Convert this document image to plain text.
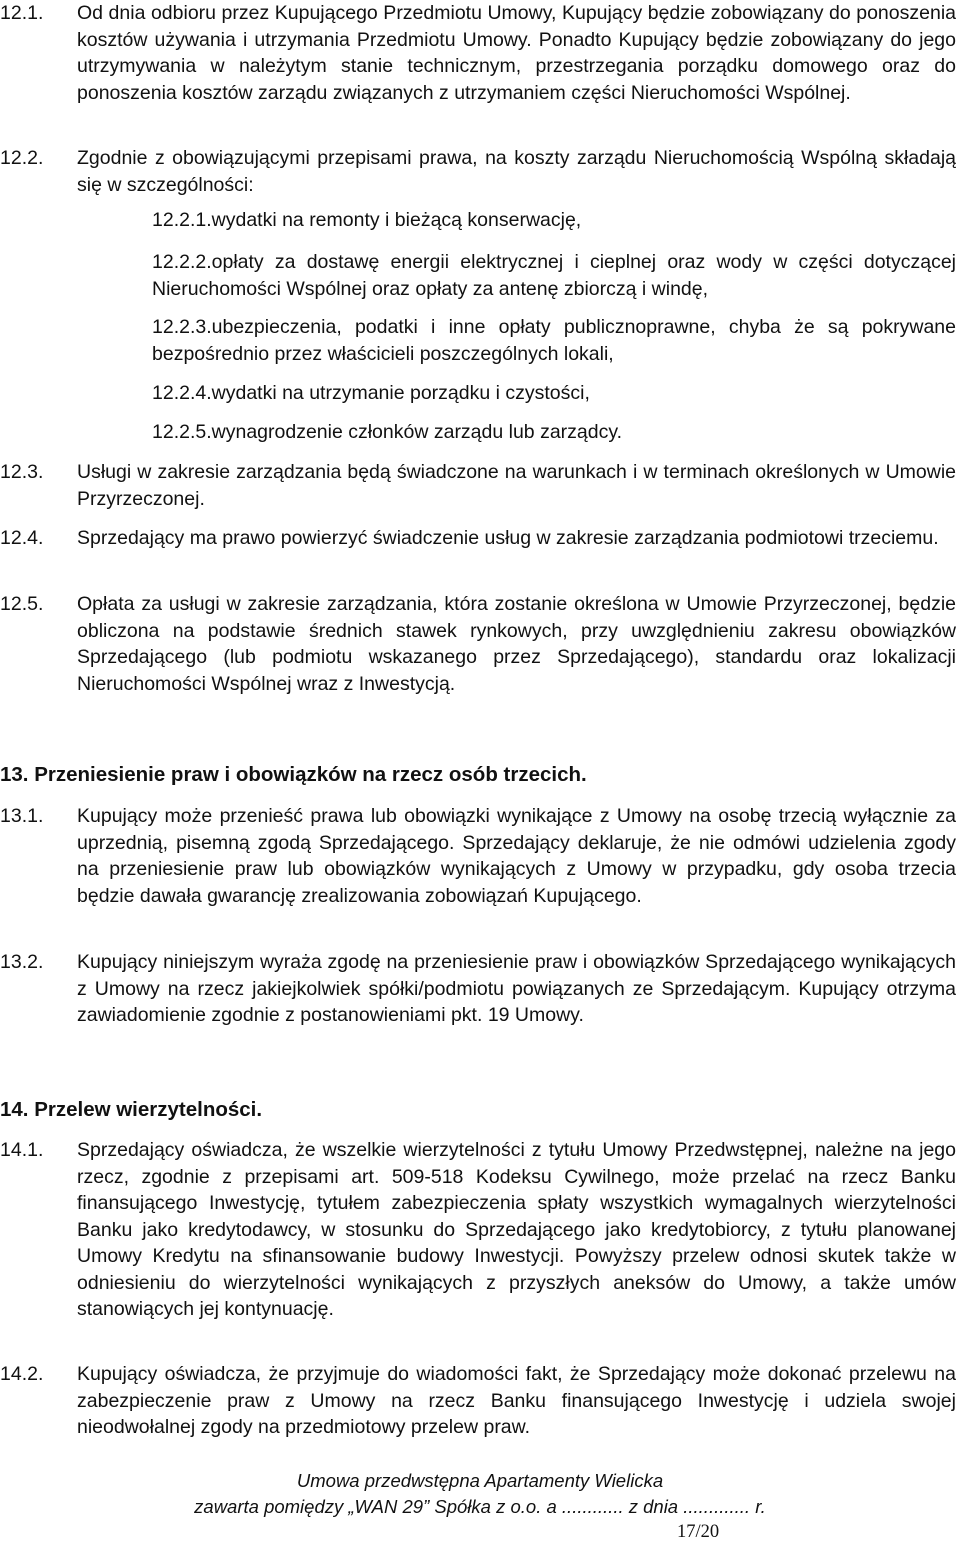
12.1.	Od dnia odbioru przez Kupującego Przedmiotu Umowy, Kupujący będzie zobowiązany do ponoszenia kosztów używania i utrzymania Przedmiotu Umowy. Ponadto Kupujący będzie zobowiązany do jego utrzymywania w należytym stanie technicznym, przestrzegania porządku domowego oraz do ponoszenia kosztów zarządu związanych z utrzymaniem części Nieruchomości Wspólnej.
12.2.	Zgodnie z obowiązującymi przepisami prawa, na koszty zarządu Nieruchomością Wspólną składają się w szczególności:
12.2.1.wydatki na remonty i bieżącą konserwację,
12.2.2.opłaty za dostawę energii elektrycznej i cieplnej oraz wody w części dotyczącej Nieruchomości Wspólnej oraz opłaty za antenę zbiorczą i windę,
12.2.3.ubezpieczenia, podatki i inne opłaty publicznoprawne, chyba że są pokrywane bezpośrednio przez właścicieli poszczególnych lokali,
12.2.4.wydatki na utrzymanie porządku i czystości,
12.2.5.wynagrodzenie członków zarządu lub zarządcy.
12.3.	Usługi w zakresie zarządzania będą świadczone na warunkach i w terminach określonych w Umowie Przyrzeczonej.
12.4.	Sprzedający ma prawo powierzyć świadczenie usług w zakresie zarządzania podmiotowi trzeciemu.
12.5.	Opłata za usługi w zakresie zarządzania, która zostanie określona w Umowie Przyrzeczonej, będzie obliczona na podstawie średnich stawek rynkowych, przy uwzględnieniu zakresu obowiązków Sprzedającego (lub podmiotu wskazanego przez Sprzedającego), standardu oraz lokalizacji Nieruchomości Wspólnej wraz z Inwestycją.
13. Przeniesienie praw i obowiązków na rzecz osób trzecich.
13.1.	Kupujący może przenieść prawa lub obowiązki wynikające z Umowy na osobę trzecią wyłącznie za uprzednią, pisemną zgodą Sprzedającego. Sprzedający deklaruje, że nie odmówi udzielenia zgody na przeniesienie praw lub obowiązków wynikających z Umowy w przypadku, gdy osoba trzecia będzie dawała gwarancję zrealizowania zobowiązań Kupującego.
13.2.	Kupujący niniejszym wyraża zgodę na przeniesienie praw i obowiązków Sprzedającego wynikających z Umowy na rzecz jakiejkolwiek spółki/podmiotu powiązanych ze Sprzedającym. Kupujący otrzyma zawiadomienie zgodnie z postanowieniami pkt. 19 Umowy.
14. Przelew wierzytelności.
14.1.	Sprzedający oświadcza, że wszelkie wierzytelności z tytułu Umowy Przedwstępnej, należne na jego rzecz, zgodnie z przepisami art. 509-518 Kodeksu Cywilnego, może przelać na rzecz Banku finansującego Inwestycję, tytułem zabezpieczenia spłaty wszystkich wymagalnych wierzytelności Banku jako kredytodawcy, w stosunku do Sprzedającego jako kredytobiorcy, z tytułu planowanej Umowy Kredytu na sfinansowanie budowy Inwestycji. Powyższy przelew odnosi skutek także w odniesieniu do wierzytelności wynikających z przyszłych aneksów do Umowy, a także umów stanowiących jej kontynuację.
14.2.	Kupujący oświadcza, że przyjmuje do wiadomości fakt, że Sprzedający może dokonać przelewu na zabezpieczenie praw z Umowy na rzecz Banku finansującego Inwestycję i udziela swojej nieodwołalnej zgody na przedmiotowy przelew praw.
Umowa przedwstępna Apartamenty Wielicka
zawarta pomiędzy „WAN 29” Spółka z o.o. a ............ z dnia ............. r.
17/20
